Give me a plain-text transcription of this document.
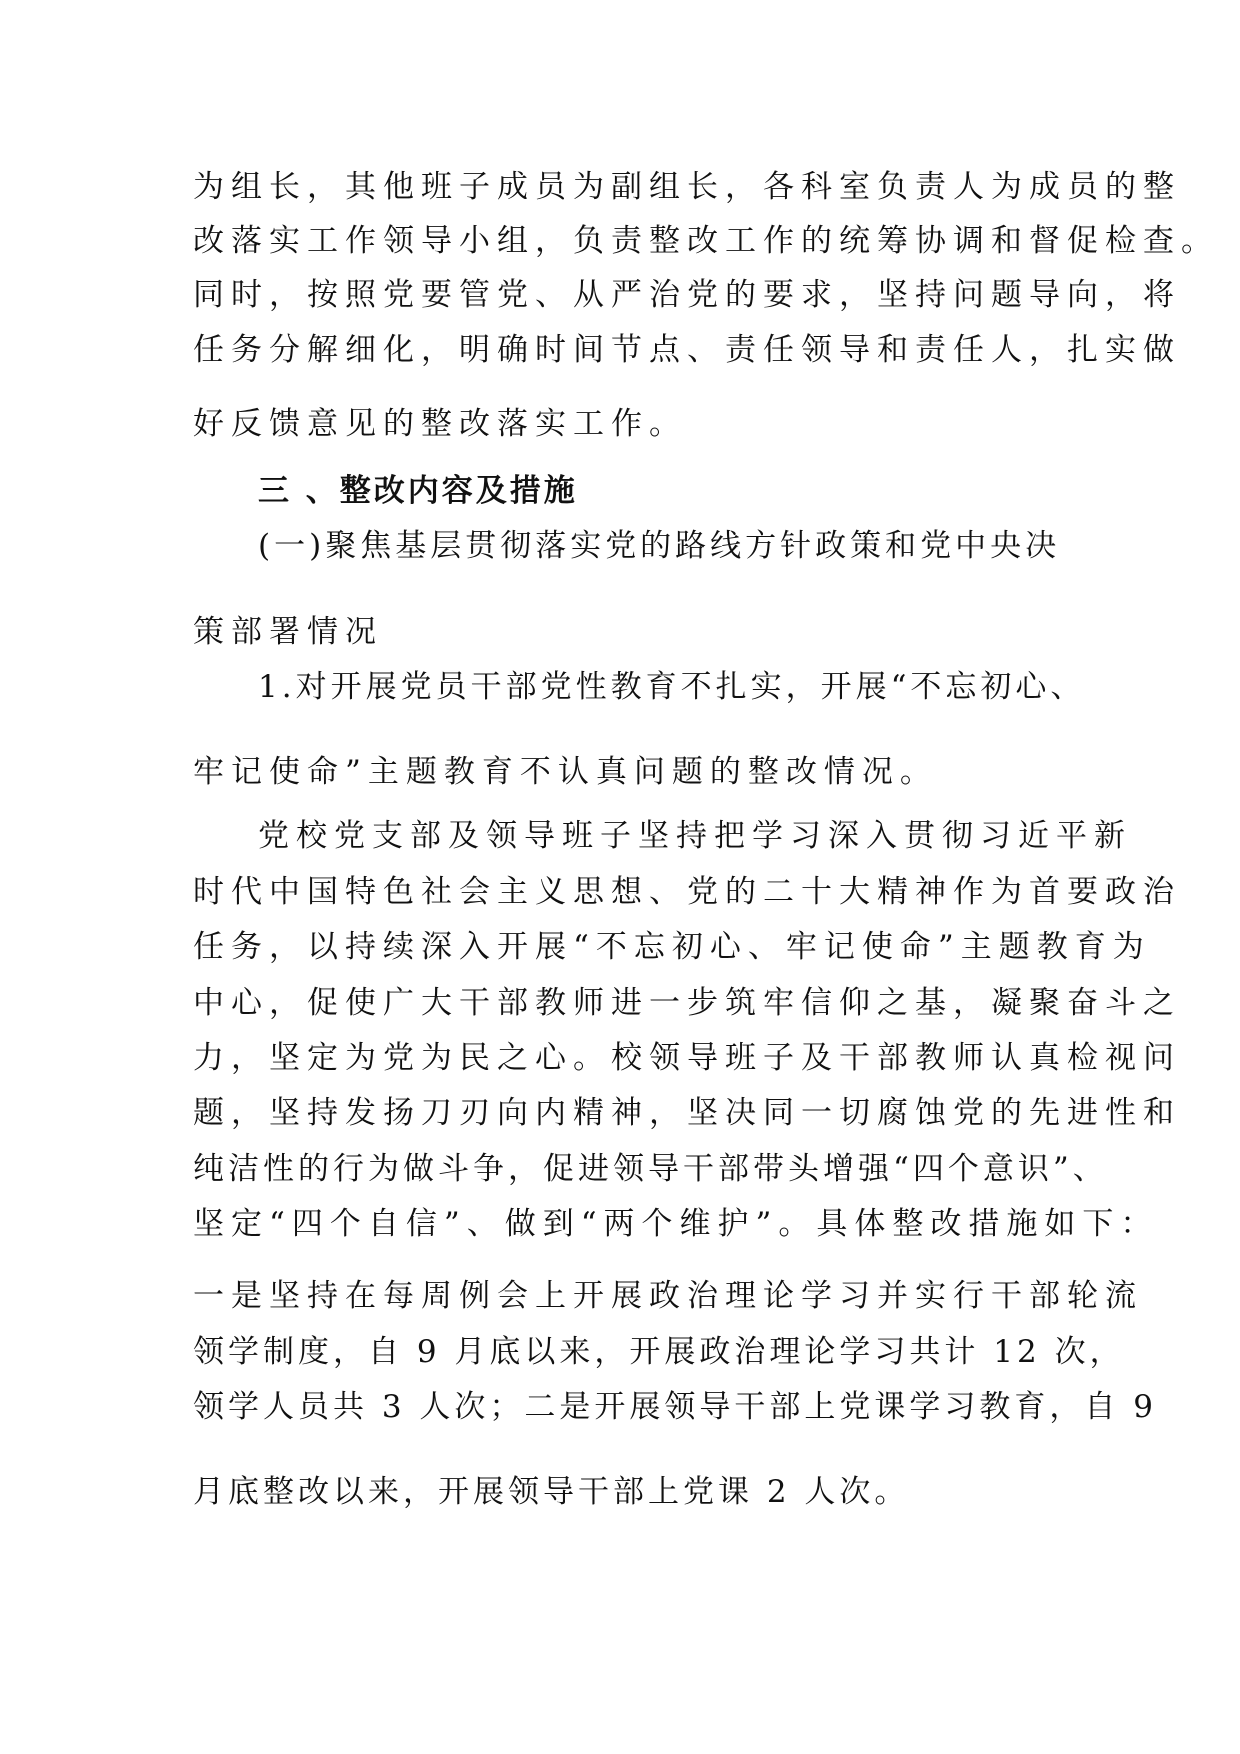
为组长，其他班子成员为副组长，各科室负责人为成员的整

改落实工作领导小组，负责整改工作的统筹协调和督促检查。

同时，按照党要管党、从严治党的要求，坚持问题导向，将

任务分解细化，明确时间节点、责任领导和责任人，扎实做

好反馈意见的整改落实工作。

三 、整改内容及措施

(一)聚焦基层贯彻落实党的路线方针政策和党中央决

策部署情况

1.对开展党员干部党性教育不扎实，开展“不忘初心、

牢记使命”主题教育不认真问题的整改情况。

党校党支部及领导班子坚持把学习深入贯彻习近平新

时代中国特色社会主义思想、党的二十大精神作为首要政治

任务，以持续深入开展“不忘初心、牢记使命”主题教育为

中心，促使广大干部教师进一步筑牢信仰之基，凝聚奋斗之

力，坚定为党为民之心。校领导班子及干部教师认真检视问

题，坚持发扬刀刃向内精神，坚决同一切腐蚀党的先进性和

纯洁性的行为做斗争，促进领导干部带头增强“四个意识”、

坚定“四个自信”、做到“两个维护”。具体整改措施如下：

一是坚持在每周例会上开展政治理论学习并实行干部轮流

领学制度，自 9 月底以来，开展政治理论学习共计 12 次，

领学人员共 3 人次；二是开展领导干部上党课学习教育，自 9

月底整改以来，开展领导干部上党课 2 人次。
